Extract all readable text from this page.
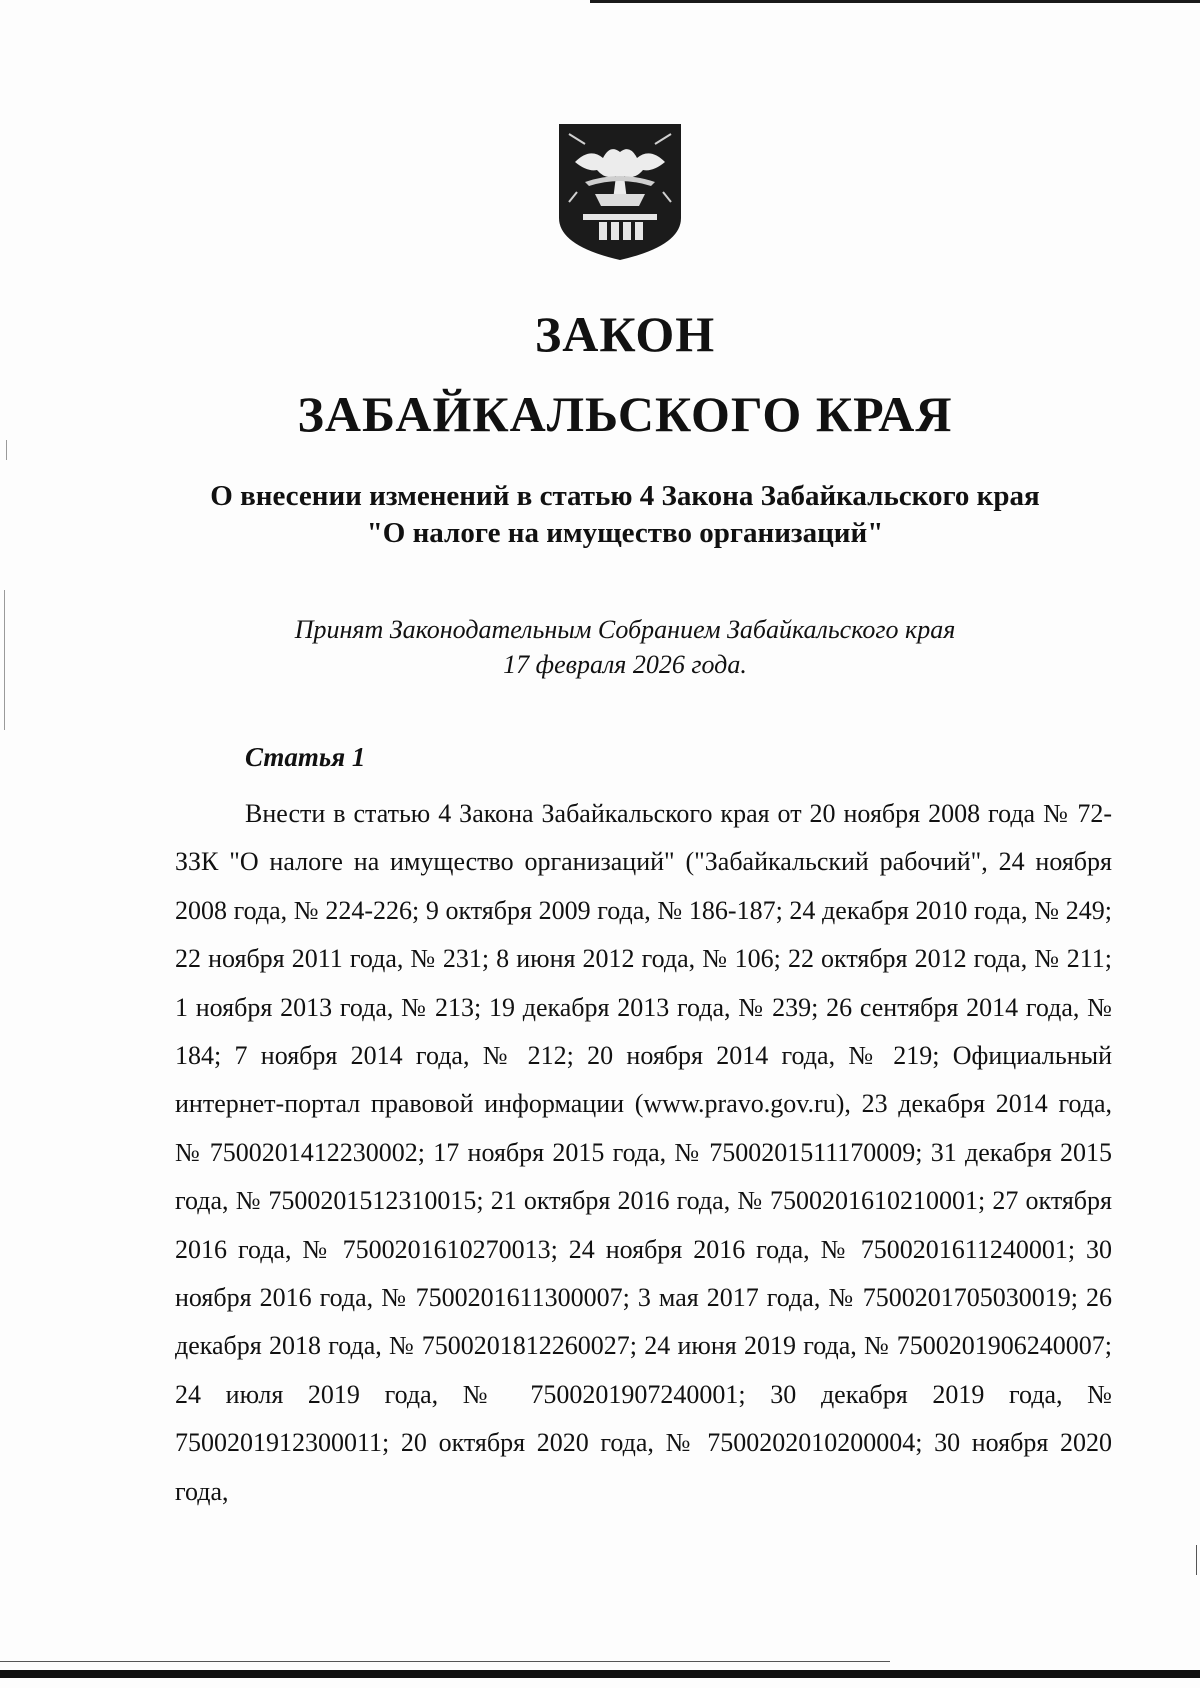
ЗАКОН
ЗАБАЙКАЛЬСКОГО КРАЯ
О внесении изменений в статью 4 Закона Забайкальского края
"О налоге на имущество организаций"
Принят Законодательным Собранием Забайкальского края
17 февраля 2026 года.

Статья 1

Внести в статью 4 Закона Забайкальского края от 20 ноября 2008 года № 72-ЗЗК "О налоге на имущество организаций" ("Забайкальский рабочий", 24 ноября 2008 года, № 224-226; 9 октября 2009 года, № 186-187; 24 декабря 2010 года, № 249; 22 ноября 2011 года, № 231; 8 июня 2012 года, № 106; 22 октября 2012 года, № 211; 1 ноября 2013 года, № 213; 19 декабря 2013 года, № 239; 26 сентября 2014 года, № 184; 7 ноября 2014 года, № 212; 20 ноября 2014 года, № 219; Официальный интернет-портал правовой информации (www.pravo.gov.ru), 23 декабря 2014 года, № 7500201412230002; 17 ноября 2015 года, № 7500201511170009; 31 декабря 2015 года, № 7500201512310015; 21 октября 2016 года, № 7500201610210001; 27 октября 2016 года, № 7500201610270013; 24 ноября 2016 года, № 7500201611240001; 30 ноября 2016 года, № 7500201611300007; 3 мая 2017 года, № 7500201705030019; 26 декабря 2018 года, № 7500201812260027; 24 июня 2019 года, № 7500201906240007; 24 июля 2019 года, № 7500201907240001; 30 декабря 2019 года, № 7500201912300011; 20 октября 2020 года, № 7500202010200004; 30 ноября 2020 года,
